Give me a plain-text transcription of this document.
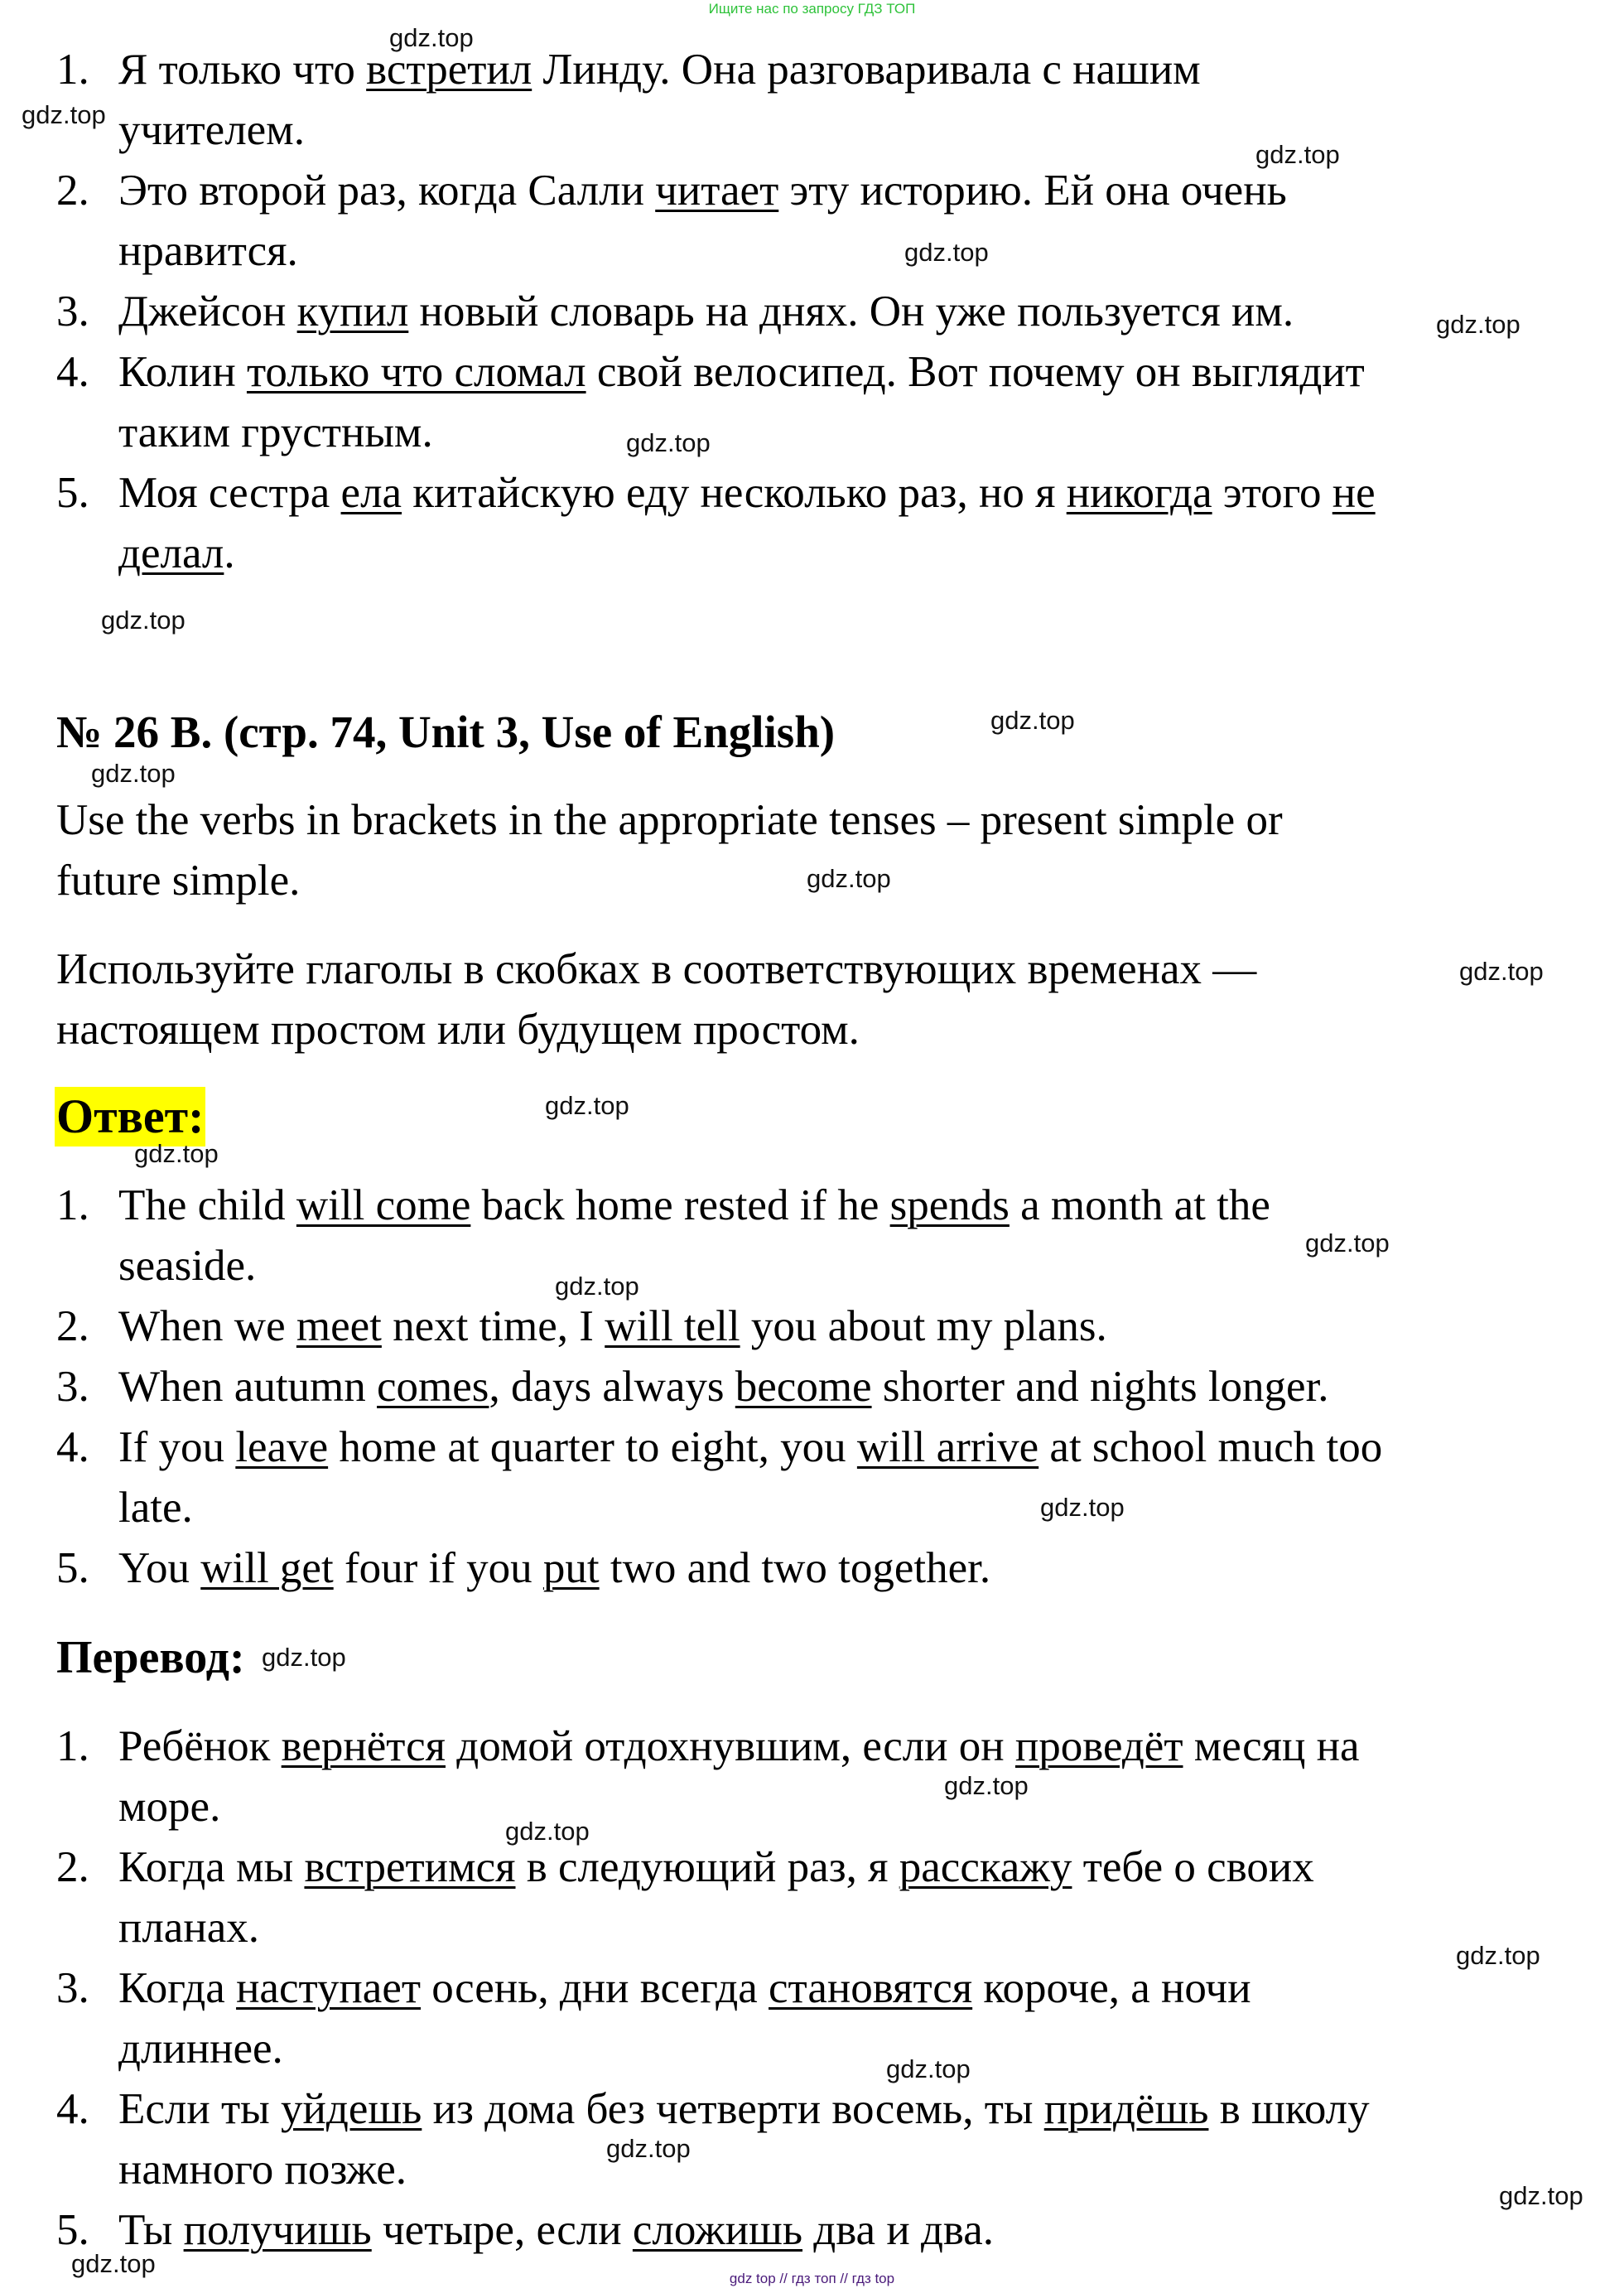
Ищите нас по запросу ГДЗ ТОП
1. Я только что встретил Линду. Она разговаривала с нашим
учителем.
2. Это второй раз, когда Салли читает эту историю. Ей она очень
нравится.
3. Джейсон купил новый словарь на днях. Он уже пользуется им.
4. Колин только что сломал свой велосипед. Вот почему он выглядит
таким грустным.
5. Моя сестра ела китайскую еду несколько раз, но я никогда этого не
делал.
№ 26 B. (стр. 74, Unit 3, Use of English)
Use the verbs in brackets in the appropriate tenses – present simple or
future simple.
Используйте глаголы в скобках в соответствующих временах —
настоящем простом или будущем простом.
Ответ:
1. The child will come back home rested if he spends a month at the
seaside.
2. When we meet next time, I will tell you about my plans.
3. When autumn comes, days always become shorter and nights longer.
4. If you leave home at quarter to eight, you will arrive at school much too
late.
5. You will get four if you put two and two together.
Перевод:
1. Ребёнок вернётся домой отдохнувшим, если он проведёт месяц на
море.
2. Когда мы встретимся в следующий раз, я расскажу тебе о своих
планах.
3. Когда наступает осень, дни всегда становятся короче, а ночи
длиннее.
4. Если ты уйдешь из дома без четверти восемь, ты придёшь в школу
намного позже.
5. Ты получишь четыре, если сложишь два и два.
gdz top // гдз топ // гдз top
gdz.top
gdz.top
gdz.top
gdz.top
gdz.top
gdz.top
gdz.top
gdz.top
gdz.top
gdz.top
gdz.top
gdz.top
gdz.top
gdz.top
gdz.top
gdz.top
gdz.top
gdz.top
gdz.top
gdz.top
gdz.top
gdz.top
gdz.top
gdz.top
